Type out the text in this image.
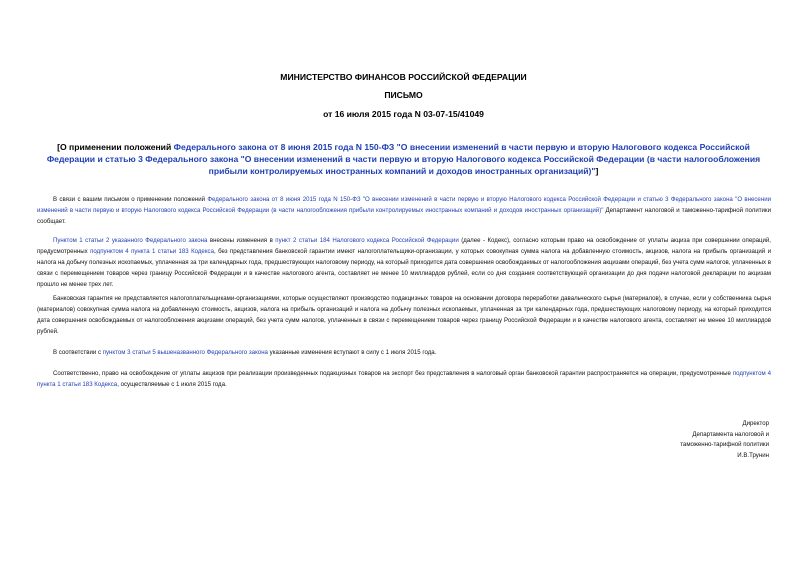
МИНИСТЕРСТВО ФИНАНСОВ РОССИЙСКОЙ ФЕДЕРАЦИИ
ПИСЬМО
от 16 июля 2015 года N 03-07-15/41049
[О применении положений Федерального закона от 8 июня 2015 года N 150-ФЗ "О внесении изменений в части первую и вторую Налогового кодекса Российской Федерации и статью 3 Федерального закона "О внесении изменений в части первую и вторую Налогового кодекса Российской Федерации (в части налогообложения прибыли контролируемых иностранных компаний и доходов иностранных организаций)"]
В связи с вашим письмом о применении положений Федерального закона от 8 июня 2015 года N 150-ФЗ "О внесении изменений в части первую и вторую Налогового кодекса Российской Федерации и статью 3 Федерального закона "О внесении изменений в части первую и вторую Налогового кодекса Российской Федерации (в части налогообложения прибыли контролируемых иностранных компаний и доходов иностранных организаций)" Департамент налоговой и таможенно-тарифной политики сообщает.
Пунктом 1 статьи 2 указанного Федерального закона внесены изменения в пункт 2 статьи 184 Налогового кодекса Российской Федерации (далее - Кодекс), согласно которым право на освобождение от уплаты акциза при совершении операций, предусмотренных подпунктом 4 пункта 1 статьи 183 Кодекса, без представления банковской гарантии имеют налогоплательщики-организации, у которых совокупная сумма налога на добавленную стоимость, акцизов, налога на прибыль организаций и налога на добычу полезных ископаемых, уплаченная за три календарных года, предшествующих налоговому периоду, на который приходится дата совершения освобождаемых от налогообложения акцизами операций, без учета сумм налогов, уплаченных в связи с перемещением товаров через границу Российской Федерации и в качестве налогового агента, составляет не менее 10 миллиардов рублей, если со дня создания соответствующей организации до дня подачи налоговой декларации по акцизам прошло не менее трех лет.
Банковская гарантия не представляется налогоплательщиками-организациями, которые осуществляют производство подакцизных товаров на основании договора переработки давальческого сырья (материалов), в случае, если у собственника сырья (материалов) совокупная сумма налога на добавленную стоимость, акцизов, налога на прибыль организаций и налога на добычу полезных ископаемых, уплаченная за три календарных года, предшествующих налоговому периоду, на который приходится дата совершения освобождаемых от налогообложения акцизами операций, без учета сумм налогов, уплаченных в связи с перемещением товаров через границу Российской Федерации и в качестве налогового агента, составляет не менее 10 миллиардов рублей.
В соответствии с пунктом 3 статьи 5 вышеназванного Федерального закона указанные изменения вступают в силу с 1 июля 2015 года.
Соответственно, право на освобождение от уплаты акцизов при реализации произведенных подакцизных товаров на экспорт без представления в налоговый орган банковской гарантии распространяется на операции, предусмотренные подпунктом 4 пункта 1 статьи 183 Кодекса, осуществляемые с 1 июля 2015 года.
Директор
Департамента налоговой и
таможенно-тарифной политики
И.В.Трунин
